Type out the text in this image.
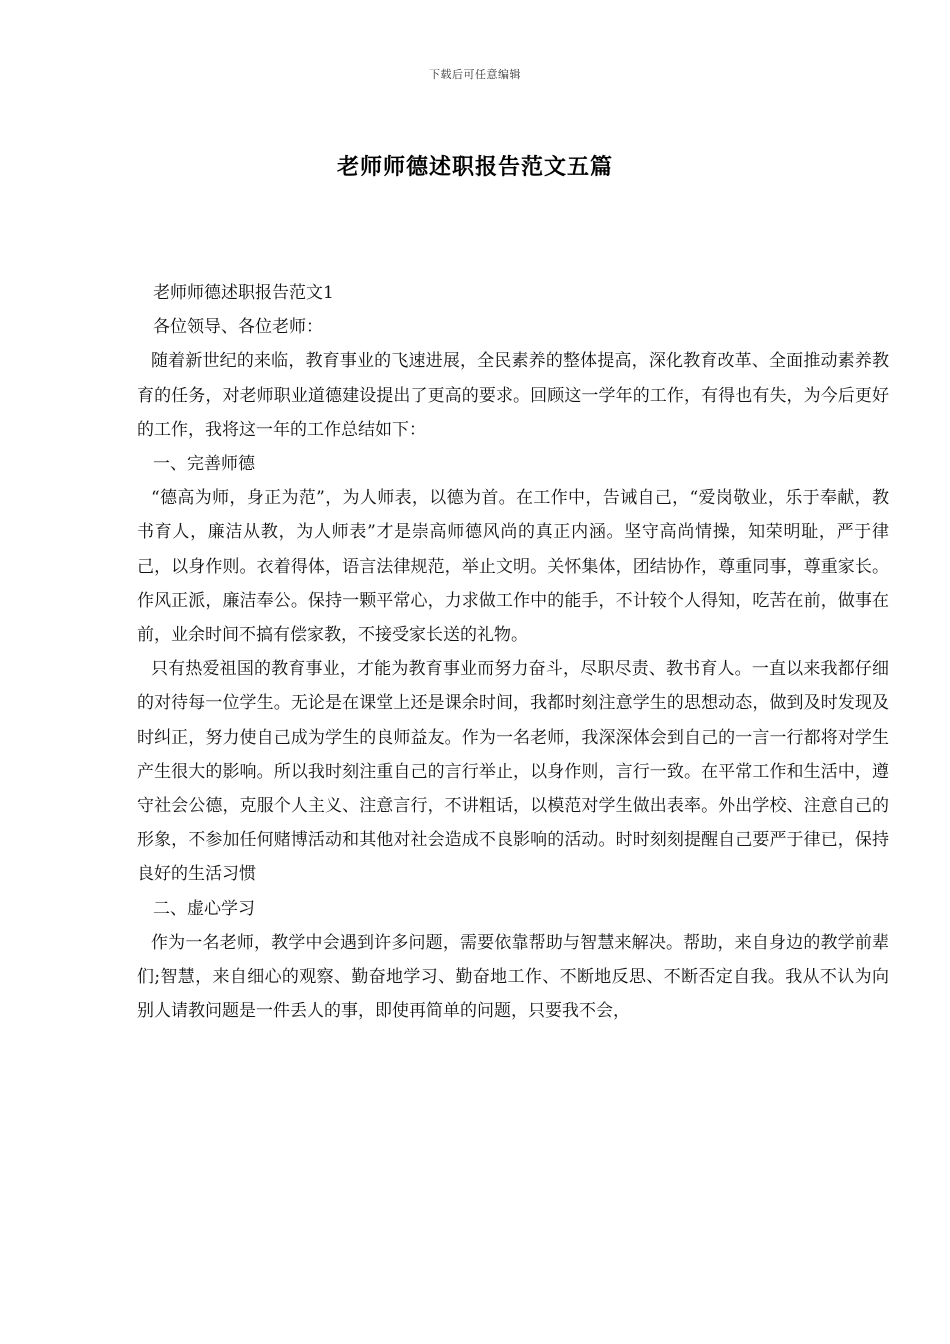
下载后可任意编辑
老师师德述职报告范文五篇

老师师德述职报告范文1

各位领导、各位老师：

随着新世纪的来临，教育事业的飞速进展，全民素养的整体提高，深化教育改革、全面推动素养教育的任务，对老师职业道德建设提出了更高的要求。回顾这一学年的工作，有得也有失，为今后更好的工作，我将这一年的工作总结如下：

一、完善师德

“德高为师，身正为范”，为人师表，以德为首。在工作中，告诫自己，“爱岗敬业，乐于奉献，教书育人，廉洁从教，为人师表”才是崇高师德风尚的真正内涵。坚守高尚情操，知荣明耻，严于律己，以身作则。衣着得体，语言法律规范，举止文明。关怀集体，团结协作，尊重同事，尊重家长。作风正派，廉洁奉公。保持一颗平常心，力求做工作中的能手，不计较个人得知，吃苦在前，做事在前，业余时间不搞有偿家教，不接受家长送的礼物。

只有热爱祖国的教育事业，才能为教育事业而努力奋斗，尽职尽责、教书育人。一直以来我都仔细的对待每一位学生。无论是在课堂上还是课余时间，我都时刻注意学生的思想动态，做到及时发现及时纠正，努力使自己成为学生的良师益友。作为一名老师，我深深体会到自己的一言一行都将对学生产生很大的影响。所以我时刻注重自己的言行举止，以身作则，言行一致。在平常工作和生活中，遵守社会公德，克服个人主义、注意言行，不讲粗话，以模范对学生做出表率。外出学校、注意自己的形象，不参加任何赌博活动和其他对社会造成不良影响的活动。时时刻刻提醒自己要严于律已，保持良好的生活习惯

二、虚心学习

作为一名老师，教学中会遇到许多问题，需要依靠帮助与智慧来解决。帮助，来自身边的教学前辈们;智慧，来自细心的观察、勤奋地学习、勤奋地工作、不断地反思、不断否定自我。我从不认为向别人请教问题是一件丢人的事，即使再简单的问题，只要我不会，
